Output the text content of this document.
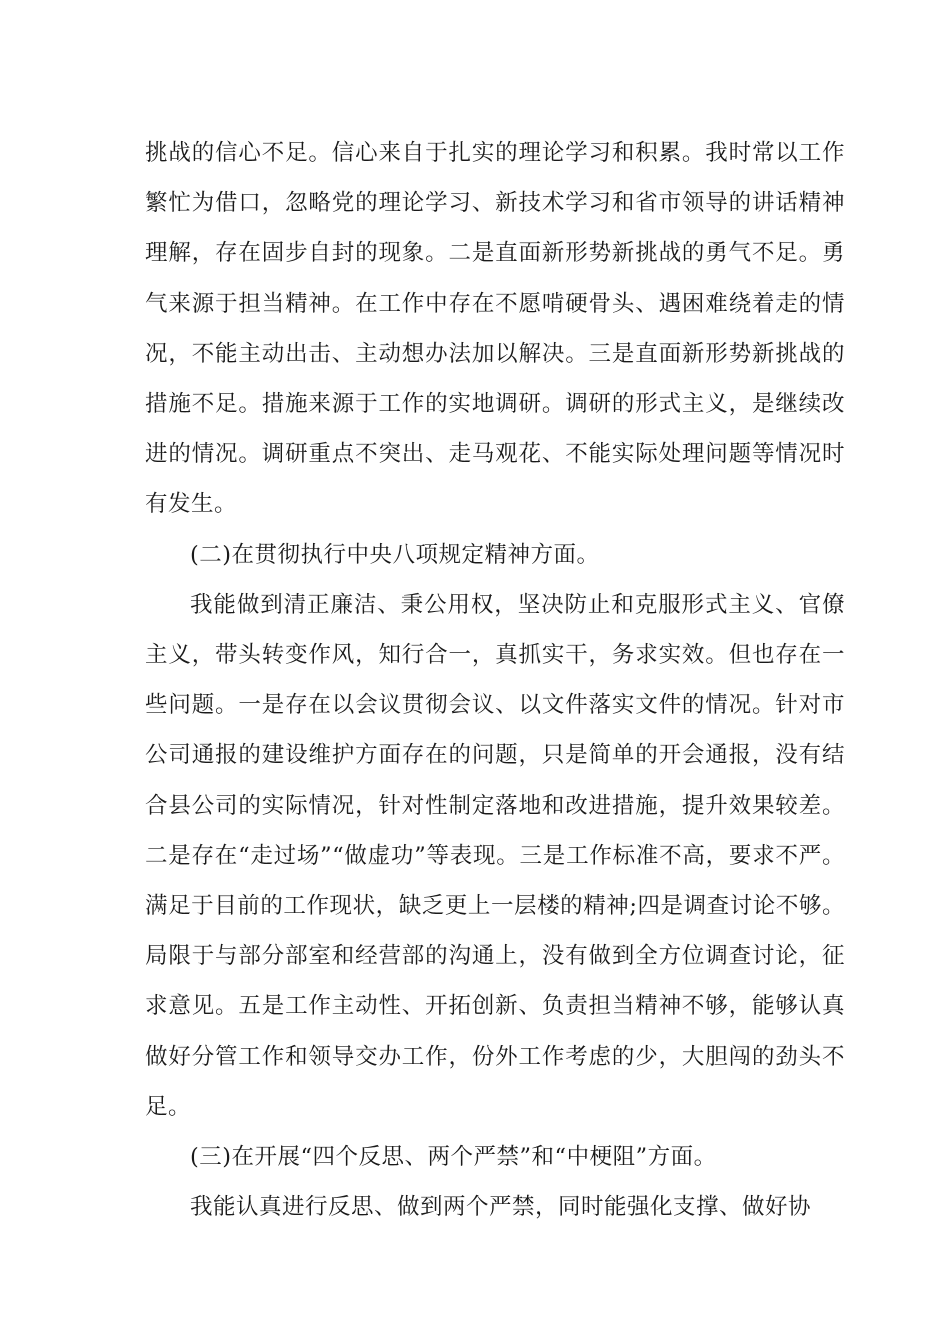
挑战的信心不足。信心来自于扎实的理论学习和积累。我时常以工作繁忙为借口，忽略党的理论学习、新技术学习和省市领导的讲话精神理解，存在固步自封的现象。二是直面新形势新挑战的勇气不足。勇气来源于担当精神。在工作中存在不愿啃硬骨头、遇困难绕着走的情况，不能主动出击、主动想办法加以解决。三是直面新形势新挑战的措施不足。措施来源于工作的实地调研。调研的形式主义，是继续改进的情况。调研重点不突出、走马观花、不能实际处理问题等情况时有发生。

(二)在贯彻执行中央八项规定精神方面。

我能做到清正廉洁、秉公用权，坚决防止和克服形式主义、官僚主义，带头转变作风，知行合一，真抓实干，务求实效。但也存在一些问题。一是存在以会议贯彻会议、以文件落实文件的情况。针对市公司通报的建设维护方面存在的问题，只是简单的开会通报，没有结合县公司的实际情况，针对性制定落地和改进措施，提升效果较差。二是存在“走过场”“做虚功”等表现。三是工作标准不高，要求不严。满足于目前的工作现状，缺乏更上一层楼的精神;四是调查讨论不够。局限于与部分部室和经营部的沟通上，没有做到全方位调查讨论，征求意见。五是工作主动性、开拓创新、负责担当精神不够，能够认真做好分管工作和领导交办工作，份外工作考虑的少，大胆闯的劲头不足。

(三)在开展“四个反思、两个严禁”和“中梗阻”方面。

我能认真进行反思、做到两个严禁，同时能强化支撑、做好协
